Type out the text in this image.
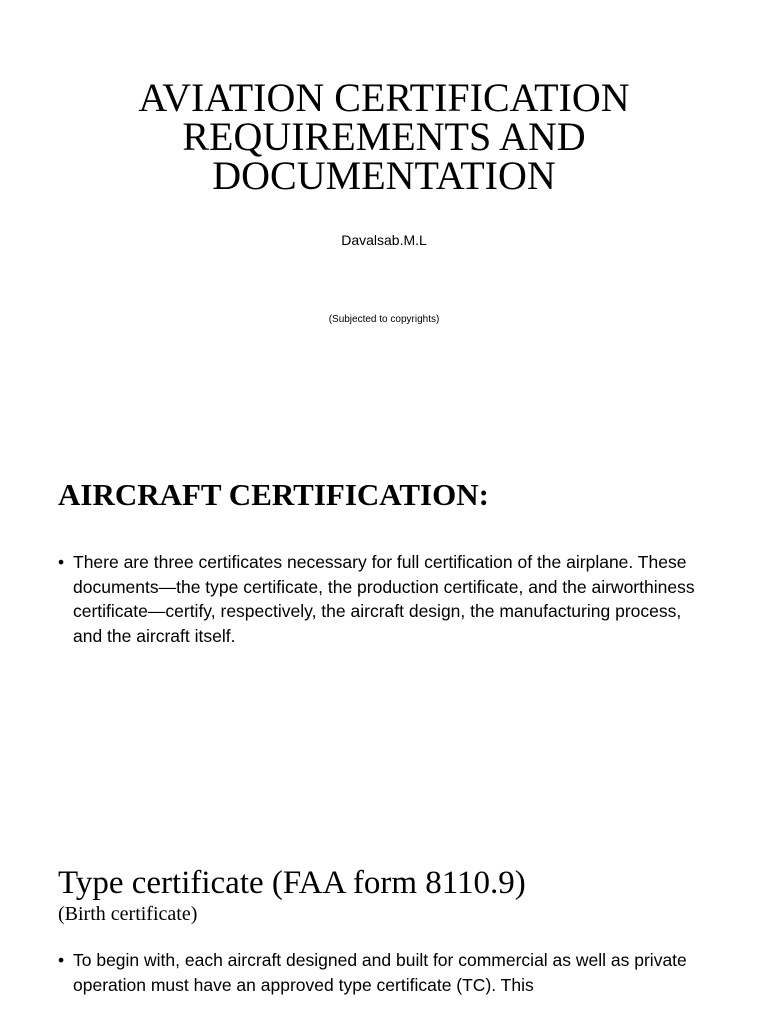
AVIATION CERTIFICATION REQUIREMENTS AND DOCUMENTATION
Davalsab.M.L
(Subjected to copyrights)
AIRCRAFT CERTIFICATION:
• There are three certificates necessary for full certification of the airplane. These documents—the type certificate, the production certificate, and the airworthiness certificate—certify, respectively, the aircraft design, the manufacturing process, and the aircraft itself.
Type certificate (FAA form 8110.9)
(Birth certificate)
• To begin with, each aircraft designed and built for commercial as well as private operation must have an approved type certificate (TC). This
